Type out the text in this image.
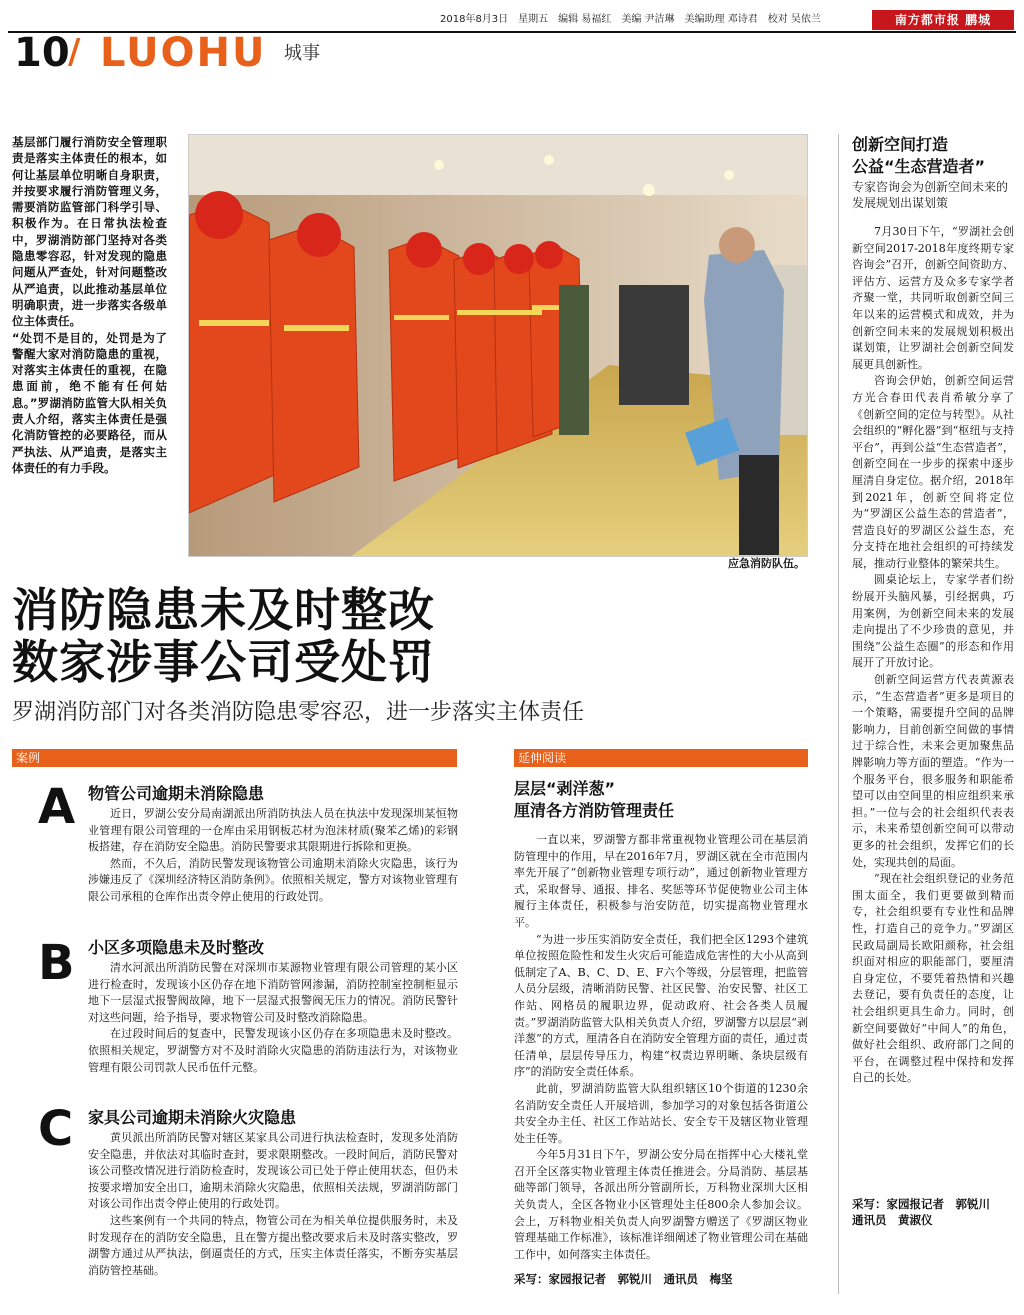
2018年8月3日　星期五　编辑 易福红　美编 尹洁琳　美编助理 邓诗君　校对 吴依兰	南方都市报 鹏城
10
/ LUOHU 城事

基层部门履行消防安全管理职责是落实主体责任的根本，如何让基层单位明晰自身职责，并按要求履行消防管理义务，需要消防监管部门科学引导、积极作为。在日常执法检查中，罗湖消防部门坚持对各类隐患零容忍，针对发现的隐患问题从严查处，针对问题整改从严追责，以此推动基层单位明确职责，进一步落实各级单位主体责任。

“处罚不是目的，处罚是为了警醒大家对消防隐患的重视，对落实主体责任的重视，在隐患面前，绝不能有任何姑息。”罗湖消防监管大队相关负责人介绍，落实主体责任是强化消防管控的必要路径，而从严执法、从严追责，是落实主体责任的有力手段。

应急消防队伍。
消防隐患未及时整改
数家涉事公司受处罚
罗湖消防部门对各类消防隐患零容忍，进一步落实主体责任
案例	延伸阅读
A 物管公司逾期未消除隐患

近日，罗湖公安分局南湖派出所消防执法人员在执法中发现深圳某恒物业管理有限公司管理的一仓库由采用钢板芯材为泡沫材质(聚苯乙烯)的彩钢板搭建，存在消防安全隐患。消防民警要求其限期进行拆除和更换。

然而，不久后，消防民警发现该物管公司逾期未消除火灾隐患，该行为涉嫌违反了《深圳经济特区消防条例》。依照相关规定，警方对该物业管理有限公司承租的仓库作出责令停止使用的行政处罚。

B 小区多项隐患未及时整改

清水河派出所消防民警在对深圳市某源物业管理有限公司管理的某小区进行检查时，发现该小区仍存在地下消防管网渗漏，消防控制室控制柜显示地下一层湿式报警阀故障，地下一层湿式报警阀无压力的情况。消防民警针对这些问题，给予指导，要求物管公司及时整改消除隐患。

在过段时间后的复查中，民警发现该小区仍存在多项隐患未及时整改。依照相关规定，罗湖警方对不及时消除火灾隐患的消防违法行为，对该物业管理有限公司罚款人民币伍仟元整。

C 家具公司逾期未消除火灾隐患

黄贝派出所消防民警对辖区某家具公司进行执法检查时，发现多处消防安全隐患，并依法对其临时查封，要求限期整改。一段时间后，消防民警对该公司整改情况进行消防检查时，发现该公司已处于停止使用状态，但仍未按要求增加安全出口，逾期未消除火灾隐患，依照相关法规，罗湖消防部门对该公司作出责令停止使用的行政处罚。

这些案例有一个共同的特点，物管公司在为相关单位提供服务时，未及时发现存在的消防安全隐患，且在警方提出整改要求后未及时落实整改，罗湖警方通过从严执法，倒逼责任的方式，压实主体责任落实，不断夯实基层消防管控基础。

层层“剥洋葱”
厘清各方消防管理责任

一直以来，罗湖警方都非常重视物业管理公司在基层消防管理中的作用，早在2016年7月，罗湖区就在全市范围内率先开展了“创新物业管理专项行动”，通过创新物业管理方式，采取督导、通报、排名、奖惩等环节促使物业公司主体履行主体责任，积极参与治安防范，切实提高物业管理水平。

“为进一步压实消防安全责任，我们把全区1293个建筑单位按照危险性和发生火灾后可能造成危害性的大小从高到低制定了A、B、C、D、E、F六个等级，分层管理，把监管人员分层级，清晰消防民警、社区民警、治安民警、社区工作站、网格员的履职边界，促动政府、社会各类人员履责。”罗湖消防监管大队相关负责人介绍，罗湖警方以层层“剥洋葱”的方式，厘清各自在消防安全管理方面的责任，通过责任清单，层层传导压力，构建“权责边界明晰、条块层级有序”的消防安全责任体系。

此前，罗湖消防监管大队组织辖区10个街道的1230余名消防安全责任人开展培训，参加学习的对象包括各街道公共安全办主任、社区工作站站长、安全专干及辖区物业管理处主任等。

今年5月31日下午，罗湖公安分局在指挥中心大楼礼堂召开全区落实物业管理主体责任推进会。分局消防、基层基础等部门领导，各派出所分管副所长，万科物业深圳大区相关负责人，全区各物业小区管理处主任800余人参加会议。会上，万科物业相关负责人向罗湖警方赠送了《罗湖区物业管理基础工作标准》，该标准详细阐述了物业管理公司在基础工作中，如何落实主体责任。

采写：家园报记者　郭锐川　通讯员　梅坚
创新空间打造
公益“生态营造者”
专家咨询会为创新空间未来的发展规划出谋划策

7月30日下午，“罗湖社会创新空间2017-2018年度终期专家咨询会”召开，创新空间资助方、评估方、运营方及众多专家学者齐聚一堂，共同听取创新空间三年以来的运营模式和成效，并为创新空间未来的发展规划积极出谋划策，让罗湖社会创新空间发展更具创新性。

咨询会伊始，创新空间运营方光合春田代表肖希敏分享了《创新空间的定位与转型》。从社会组织的“孵化器”到“枢纽与支持平台”，再到公益“生态营造者”，创新空间在一步步的探索中逐步厘清自身定位。据介绍，2018年到2021年，创新空间将定位为“罗湖区公益生态的营造者”，营造良好的罗湖区公益生态，充分支持在地社会组织的可持续发展，推动行业整体的繁荣共生。

圆桌论坛上，专家学者们纷纷展开头脑风暴，引经据典，巧用案例，为创新空间未来的发展走向提出了不少珍贵的意见，并围绕“公益生态圈”的形态和作用展开了开放讨论。

创新空间运营方代表黄源表示，“生态营造者”更多是项目的一个策略，需要提升空间的品牌影响力，目前创新空间做的事情过于综合性，未来会更加聚焦品牌影响力等方面的塑造。“作为一个服务平台，很多服务和职能希望可以由空间里的相应组织来承担。”一位与会的社会组织代表表示，未来希望创新空间可以带动更多的社会组织，发挥它们的长处，实现共创的局面。

“现在社会组织登记的业务范围太面全，我们更要做到精而专，社会组织要有专业性和品牌性，打造自己的竞争力。”罗湖区民政局副局长欧阳颜称，社会组织面对相应的职能部门，要厘清自身定位，不要凭着热情和兴趣去登记，要有负责任的态度，让社会组织更具生命力。同时，创新空间要做好“中间人”的角色，做好社会组织、政府部门之间的平台，在调整过程中保持和发挥自己的长处。

采写：家园报记者　郭锐川
通讯员　黄淑仪
